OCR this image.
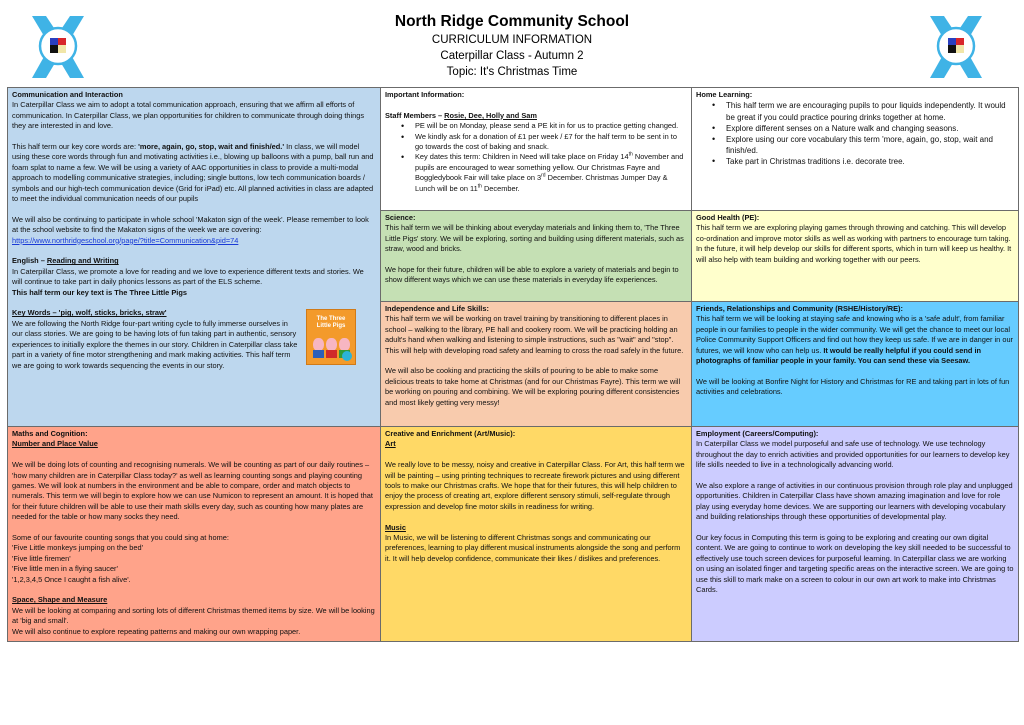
North Ridge Community School
CURRICULUM INFORMATION
Caterpillar Class - Autumn 2
Topic: It's Christmas Time

Communication and Interaction

In Caterpillar Class we aim to adopt a total communication approach, ensuring that we affirm all efforts of communication. In Caterpillar Class, we plan opportunities for children to communicate through doing things they are interested in and love.

This half term our key core words are: 'more, again, go, stop, wait and finish/ed.' In class, we will model using these core words through fun and motivating activities i.e., blowing up balloons with a pump, ball run and foam splat to name a few. We will be using a variety of AAC opportunities in class to provide a multi-modal approach to modelling communicative strategies, including; single buttons, low tech communication boards / symbols and our high-tech communication device (Grid for iPad) etc. All planned activities in class are adapted to meet the individual communication needs of our pupils

We will also be continuing to participate in whole school 'Makaton sign of the week'. Please remember to look at the school website to find the Makaton signs of the week we are covering:

https://www.northridgeschool.org/page/?title=Communication&pid=74

English – Reading and Writing

In Caterpillar Class, we promote a love for reading and we love to experience different texts and stories. We will continue to take part in daily phonics lessons as part of the ELS scheme.

This half term our key text is The Three Little Pigs

The Three Little Pigs

Key Words – 'pig, wolf, sticks, bricks, straw'

We are following the North Ridge four-part writing cycle to fully immerse ourselves in our class stories. We are going to be having lots of fun taking part in authentic, sensory experiences to initially explore the themes in our story. Children in Caterpillar class take part in a variety of fine motor strengthening and mark making activities. This half term we are going to work towards sequencing the events in our story.

Important Information:

Staff Members – Rosie, Dee, Holly and Sam

• PE will be on Monday, please send a PE kit in for us to practice getting changed.
• We kindly ask for a donation of £1 per week / £7 for the half term to be sent in to go towards the cost of baking and snack.
• Key dates this term: Children in Need will take place on Friday 14th November and pupils are encouraged to wear something yellow. Our Christmas Fayre and Boggledybook Fair will take place on 3rd December. Christmas Jumper Day & Lunch will be on 11th December.

Home Learning:

• This half term we are encouraging pupils to pour liquids independently. It would be great if you could practice pouring drinks together at home.
• Explore different senses on a Nature walk and changing seasons.
• Explore using our core vocabulary this term 'more, again, go, stop, wait and finish/ed.
• Take part in Christmas traditions i.e. decorate tree.

Science:

This half term we will be thinking about everyday materials and linking them to, 'The Three Little Pigs' story. We will be exploring, sorting and building using different materials, such as straw, wood and bricks.

We hope for their future, children will be able to explore a variety of materials and begin to show different ways which we can use these materials in everyday life experiences.

Good Health (PE):

This half term we are exploring playing games through throwing and catching. This will develop co-ordination and improve motor skills as well as working with partners to encourage turn taking. In the future, it will help develop our skills for different sports, which in turn will keep us healthy. It will also help with team building and working together with our peers.

Independence and Life Skills:

This half term we will be working on travel training by transitioning to different places in school – walking to the library, PE hall and cookery room. We will be practicing holding an adult's hand when walking and listening to simple instructions, such as "wait" and "stop". This will help with developing road safety and learning to cross the road safely in the future.

We will also be cooking and practicing the skills of pouring to be able to make some delicious treats to take home at Christmas (and for our Christmas Fayre). This term we will be working on pouring and combining. We will be exploring pouring different consistencies and most likely getting very messy!

Friends, Relationships and Community (RSHE/History/RE):

This half term we will be looking at staying safe and knowing who is a 'safe adult', from familiar people in our families to people in the wider community. We will get the chance to meet our local Police Community Support Officers and find out how they keep us safe. If we are in danger in our futures, we will know who can help us. It would be really helpful if you could send in photographs of familiar people in your family. You can send these via Seesaw.

We will be looking at Bonfire Night for History and Christmas for RE and taking part in lots of fun activities and celebrations.

Maths and Cognition:

Number and Place Value

We will be doing lots of counting and recognising numerals. We will be counting as part of our daily routines – 'how many children are in Caterpillar Class today?' as well as learning counting songs and playing counting games. We will look at numbers in the environment and be able to compare, order and match objects to numerals. This term we will begin to explore how we can use Numicon to represent an amount. It is hoped that for their future children will be able to use their math skills every day, such as counting how many plates are needed for the table or how many socks they need.

Some of our favourite counting songs that you could sing at home:

'Five Little monkeys jumping on the bed'

'Five little firemen'

'Five little men in a flying saucer'

'1,2,3,4,5 Once I caught a fish alive'.

Space, Shape and Measure

We will be looking at comparing and sorting lots of different Christmas themed items by size. We will be looking at 'big and small'.

We will also continue to explore repeating patterns and making our own wrapping paper.

Creative and Enrichment (Art/Music):

Art

We really love to be messy, noisy and creative in Caterpillar Class. For Art, this half term we will be painting – using printing techniques to recreate firework pictures and using different tools to make our Christmas crafts. We hope that for their futures, this will help children to enjoy the process of creating art, explore different sensory stimuli, self-regulate through expression and develop fine motor skills in readiness for writing.

Music

In Music, we will be listening to different Christmas songs and communicating our preferences, learning to play different musical instruments alongside the song and perform it. It will help develop confidence, communicate their likes / dislikes and preferences.

Employment (Careers/Computing):

In Caterpillar Class we model purposeful and safe use of technology. We use technology throughout the day to enrich activities and provided opportunities for our learners to develop key life skills needed to live in a technologically advancing world.

We also explore a range of activities in our continuous provision through role play and unplugged opportunities. Children in Caterpillar Class have shown amazing imagination and love for role play using everyday home devices. We are supporting our learners with developing vocabulary and building relationships through these opportunities of developmental play.

Our key focus in Computing this term is going to be exploring and creating our own digital content. We are going to continue to work on developing the key skill needed to be successful to effectively use touch screen devices for purposeful learning. In Caterpillar class we are working on using an isolated finger and targeting specific areas on the interactive screen. We are going to use this skill to mark make on a screen to colour in our own art work to make into Christmas Cards.
